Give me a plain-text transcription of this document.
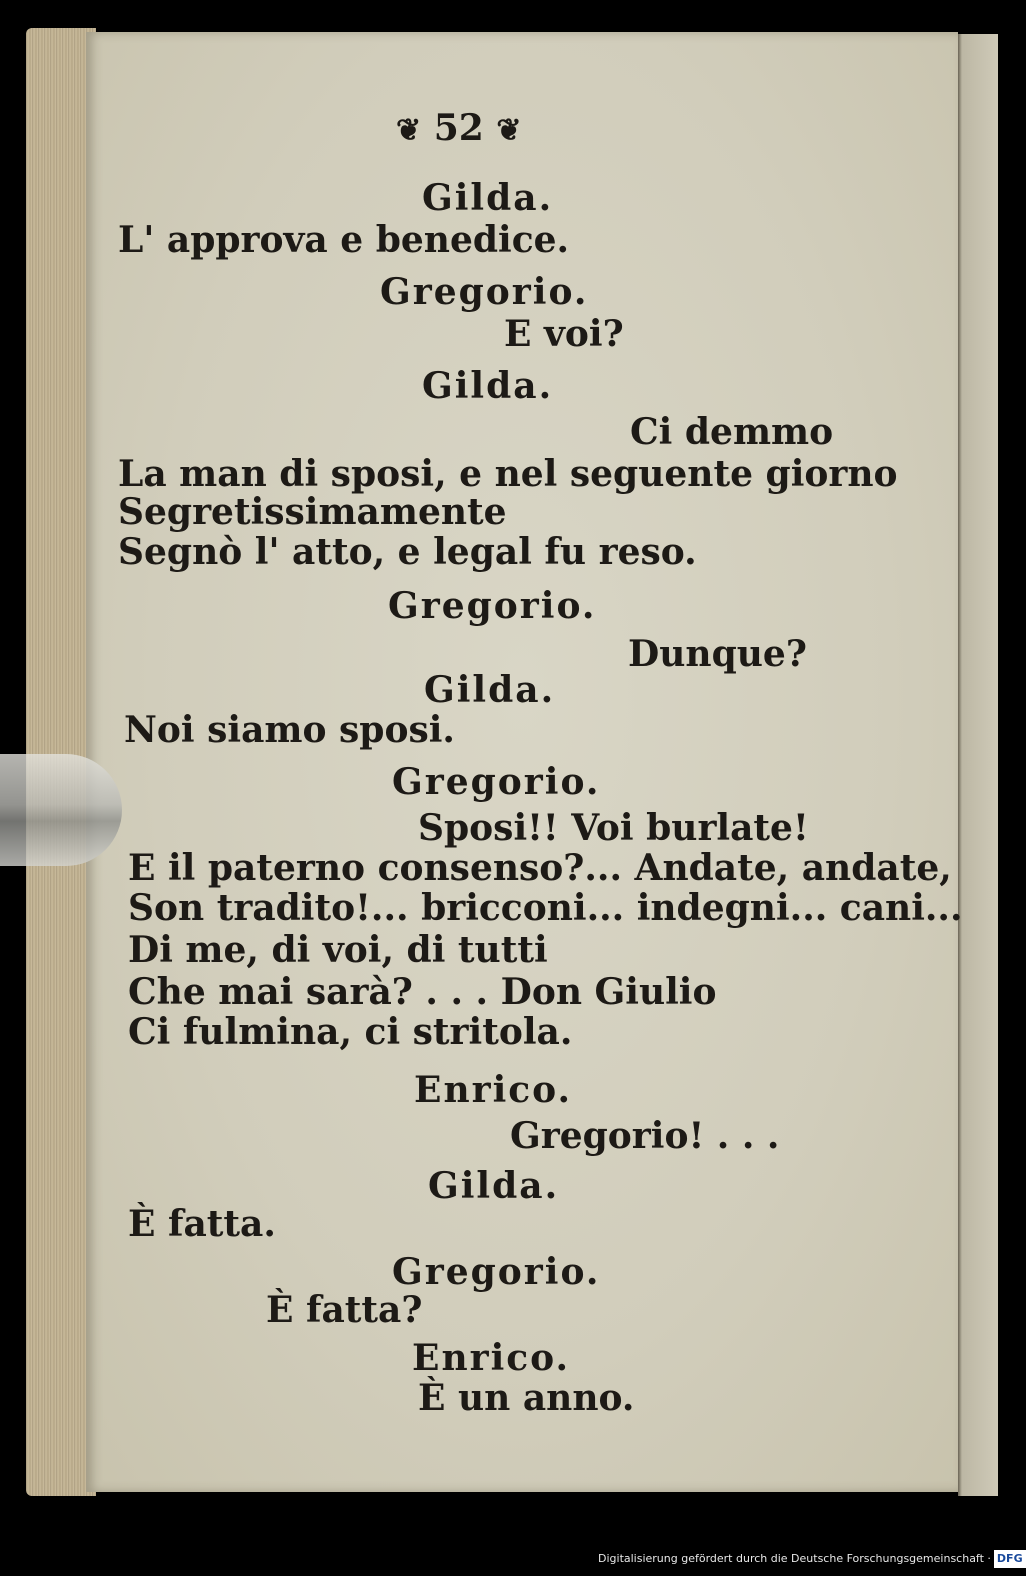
❦ 52 ❦
Gilda.
L' approva e benedice.
Gregorio.
E voi?
Gilda.
Ci demmo
La man di sposi, e nel seguente giorno
Segretissimamente
Segnò l' atto, e legal fu reso.
Gregorio.
Dunque?
Gilda.
Noi siamo sposi.
Gregorio.
Sposi!! Voi burlate!
E il paterno consenso?... Andate, andate,
Son tradito!... bricconi... indegni... cani...
Di me, di voi, di tutti
Che mai sarà? . . . Don Giulio
Ci fulmina, ci stritola.
Enrico.
Gregorio! . . .
Gilda.
È fatta.
Gregorio.
È fatta?
Enrico.
È un anno.
Digitalisierung gefördert durch die Deutsche Forschungsgemeinschaft · DFG
